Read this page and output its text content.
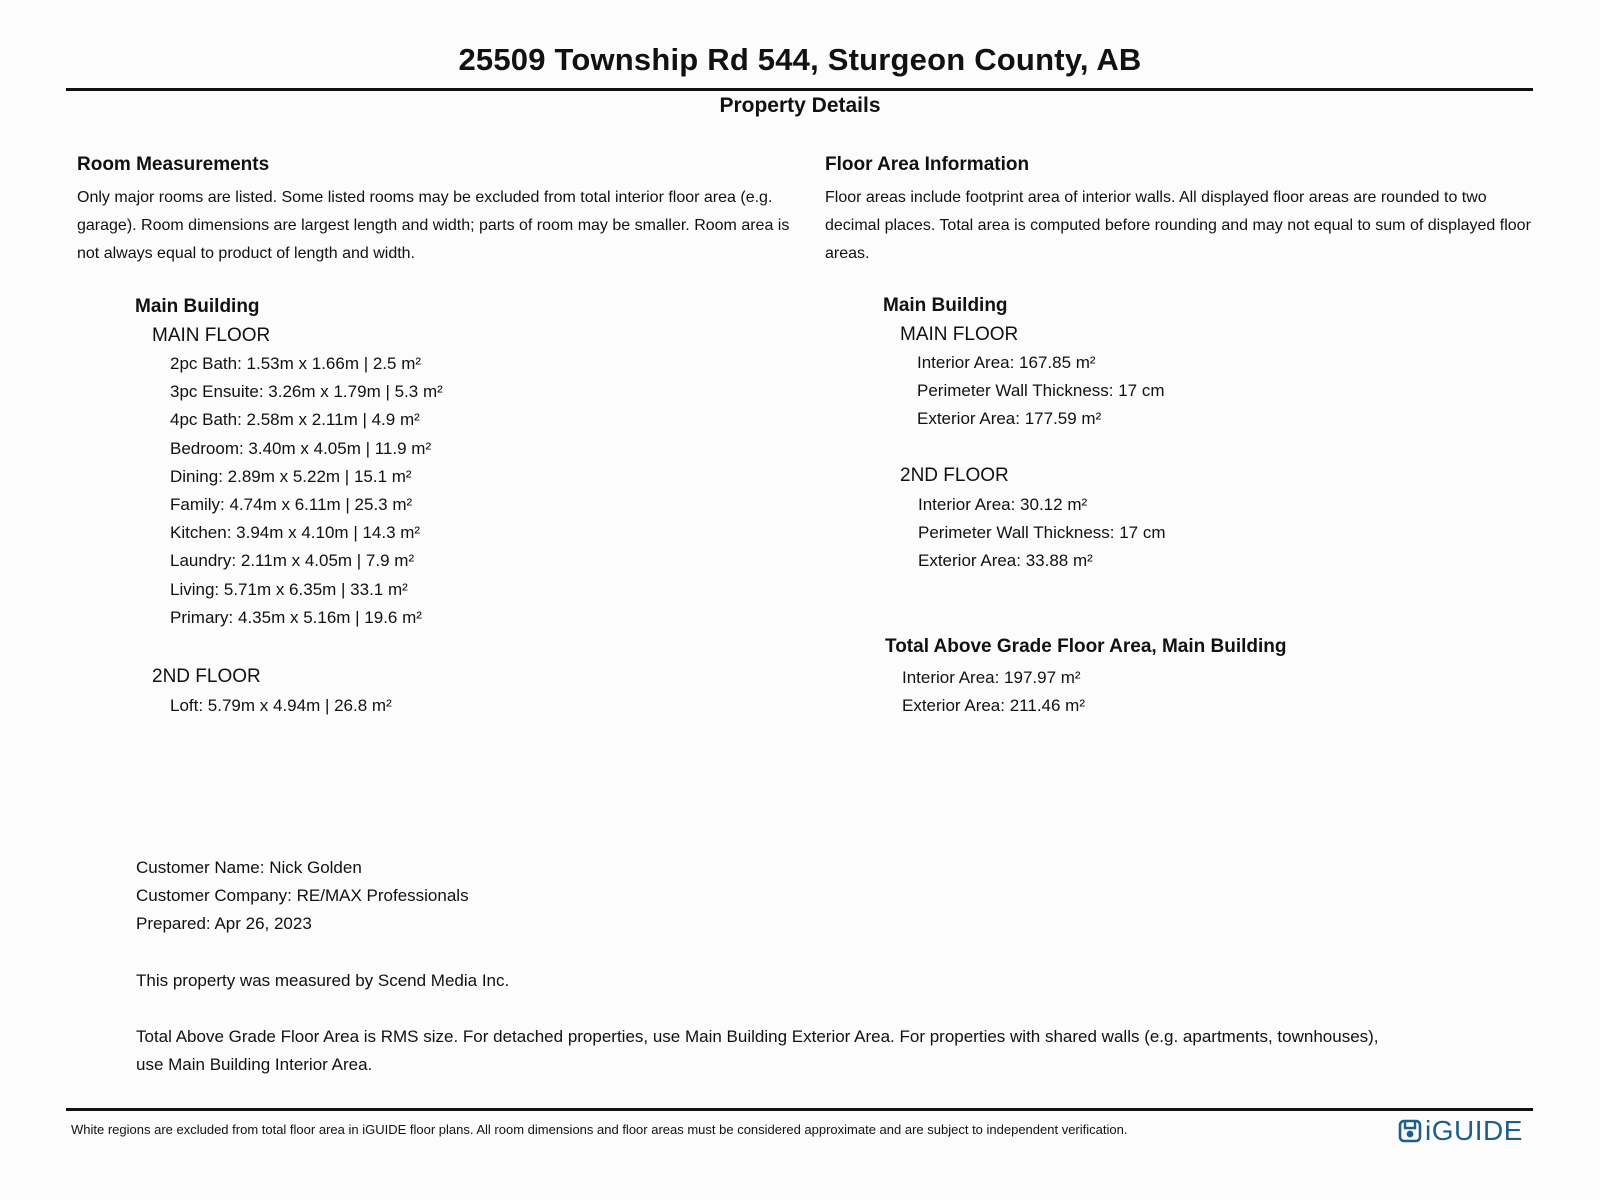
25509 Township Rd 544, Sturgeon County, AB
Property Details
Room Measurements
Only major rooms are listed. Some listed rooms may be excluded from total interior floor area (e.g. garage). Room dimensions are largest length and width; parts of room may be smaller. Room area is not always equal to product of length and width.
Main Building
MAIN FLOOR
2pc Bath: 1.53m x 1.66m | 2.5 m²
3pc Ensuite: 3.26m x 1.79m | 5.3 m²
4pc Bath: 2.58m x 2.11m | 4.9 m²
Bedroom: 3.40m x 4.05m | 11.9 m²
Dining: 2.89m x 5.22m | 15.1 m²
Family: 4.74m x 6.11m | 25.3 m²
Kitchen: 3.94m x 4.10m | 14.3 m²
Laundry: 2.11m x 4.05m | 7.9 m²
Living: 5.71m x 6.35m | 33.1 m²
Primary: 4.35m x 5.16m | 19.6 m²
2ND FLOOR
Loft: 5.79m x 4.94m | 26.8 m²
Floor Area Information
Floor areas include footprint area of interior walls. All displayed floor areas are rounded to two decimal places. Total area is computed before rounding and may not equal to sum of displayed floor areas.
Main Building
MAIN FLOOR
Interior Area: 167.85 m²
Perimeter Wall Thickness: 17 cm
Exterior Area: 177.59 m²
2ND FLOOR
Interior Area: 30.12 m²
Perimeter Wall Thickness: 17 cm
Exterior Area: 33.88 m²
Total Above Grade Floor Area, Main Building
Interior Area: 197.97 m²
Exterior Area: 211.46 m²
Customer Name: Nick Golden
Customer Company: RE/MAX Professionals
Prepared: Apr 26, 2023
This property was measured by Scend Media Inc.
Total Above Grade Floor Area is RMS size. For detached properties, use Main Building Exterior Area. For properties with shared walls (e.g. apartments, townhouses), use Main Building Interior Area.
White regions are excluded from total floor area in iGUIDE floor plans. All room dimensions and floor areas must be considered approximate and are subject to independent verification.	iGUIDE
